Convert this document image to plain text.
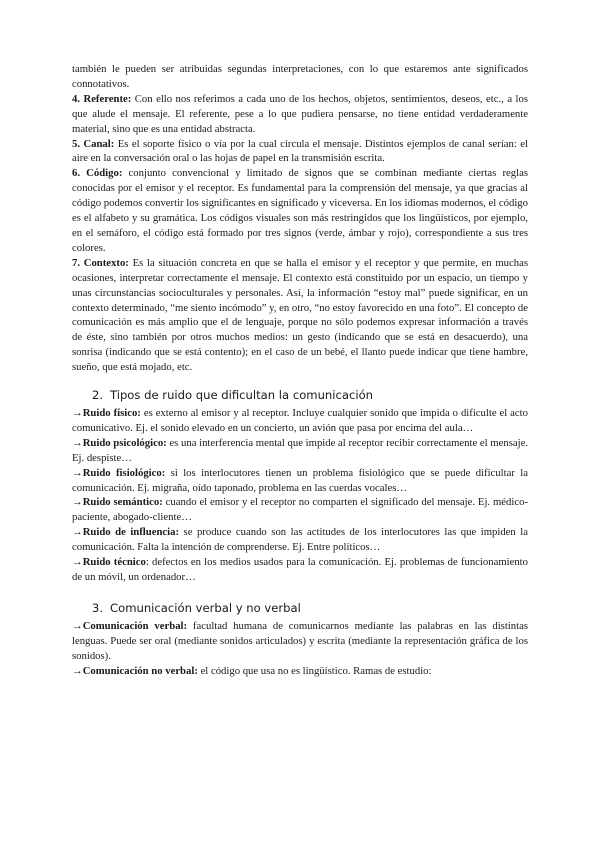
también le pueden ser atribuidas segundas interpretaciones, con lo que estaremos ante significados connotativos.

4. Referente: Con ello nos referimos a cada uno de los hechos, objetos, sentimientos, deseos, etc., a los que alude el mensaje. El referente, pese a lo que pudiera pensarse, no tiene entidad verdaderamente material, sino que es una entidad abstracta.

5. Canal: Es el soporte físico o vía por la cual circula el mensaje. Distintos ejemplos de canal serían: el aire en la conversación oral o las hojas de papel en la transmisión escrita.

6. Código: conjunto convencional y limitado de signos que se combinan mediante ciertas reglas conocidas por el emisor y el receptor. Es fundamental para la comprensión del mensaje, ya que gracias al código podemos convertir los significantes en significado y viceversa. En los idiomas modernos, el código es el alfabeto y su gramática. Los códigos visuales son más restringidos que los lingüísticos, por ejemplo, en el semáforo, el código está formado por tres signos (verde, ámbar y rojo), correspondiente a sus tres colores.

7. Contexto: Es la situación concreta en que se halla el emisor y el receptor y que permite, en muchas ocasiones, interpretar correctamente el mensaje. El contexto está constituido por un espacio, un tiempo y unas circunstancias socioculturales y personales. Así, la información “estoy mal” puede significar, en un contexto determinado, “me siento incómodo” y, en otro, “no estoy favorecido en una foto”. El concepto de comunicación es más amplio que el de lenguaje, porque no sólo podemos expresar información a través de éste, sino también por otros muchos medios: un gesto (indicando que se está en desacuerdo), una sonrisa (indicando que se está contento); en el caso de un bebé, el llanto puede indicar que tiene hambre, sueño, que está mojado, etc.

2. Tipos de ruido que dificultan la comunicación

→Ruido físico: es externo al emisor y al receptor. Incluye cualquier sonido que impida o dificulte el acto comunicativo. Ej. el sonido elevado en un concierto, un avión que pasa por encima del aula…

→Ruido psicológico: es una interferencia mental que impide al receptor recibir correctamente el mensaje. Ej. despiste…

→Ruido fisiológico: si los interlocutores tienen un problema fisiológico que se puede dificultar la comunicación. Ej. migraña, oído taponado, problema en las cuerdas vocales…

→Ruido semántico: cuando el emisor y el receptor no comparten el significado del mensaje. Ej. médico-paciente, abogado-cliente…

→Ruido de influencia: se produce cuando son las actitudes de los interlocutores las que impiden la comunicación. Falta la intención de comprenderse. Ej. Entre políticos…

→Ruido técnico: defectos en los medios usados para la comunicación. Ej. problemas de funcionamiento de un móvil, un ordenador…

3. Comunicación verbal y no verbal

→Comunicación verbal: facultad humana de comunicarnos mediante las palabras en las distintas lenguas. Puede ser oral (mediante sonidos articulados) y escrita (mediante la representación gráfica de los sonidos).

→Comunicación no verbal: el código que usa no es lingüístico. Ramas de estudio:
